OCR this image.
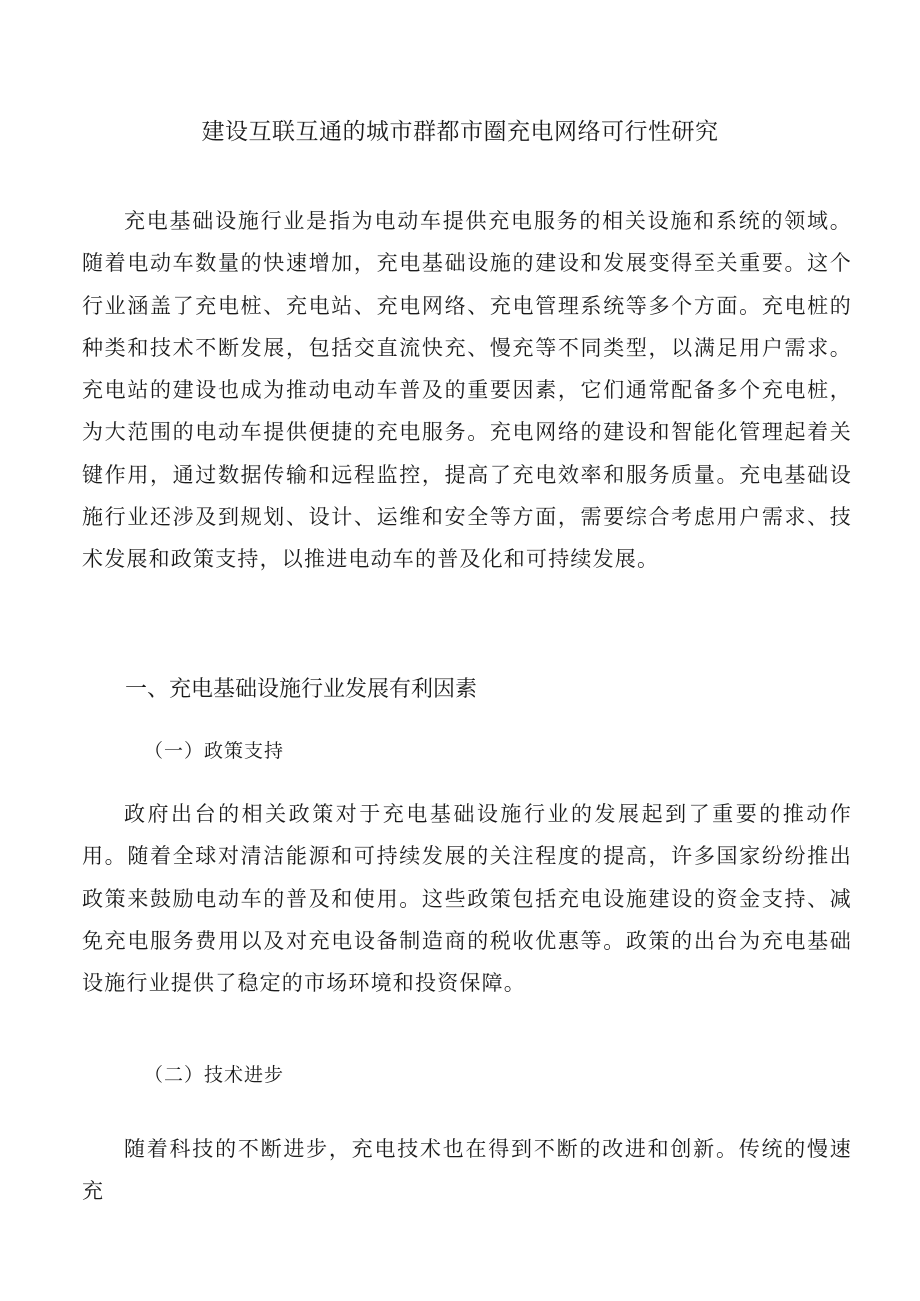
建设互联互通的城市群都市圈充电网络可行性研究

充电基础设施行业是指为电动车提供充电服务的相关设施和系统的领域。随着电动车数量的快速增加，充电基础设施的建设和发展变得至关重要。这个行业涵盖了充电桩、充电站、充电网络、充电管理系统等多个方面。充电桩的种类和技术不断发展，包括交直流快充、慢充等不同类型，以满足用户需求。充电站的建设也成为推动电动车普及的重要因素，它们通常配备多个充电桩，为大范围的电动车提供便捷的充电服务。充电网络的建设和智能化管理起着关键作用，通过数据传输和远程监控，提高了充电效率和服务质量。充电基础设施行业还涉及到规划、设计、运维和安全等方面，需要综合考虑用户需求、技术发展和政策支持，以推进电动车的普及化和可持续发展。

一、充电基础设施行业发展有利因素
（一）政策支持

政府出台的相关政策对于充电基础设施行业的发展起到了重要的推动作用。随着全球对清洁能源和可持续发展的关注程度的提高，许多国家纷纷推出政策来鼓励电动车的普及和使用。这些政策包括充电设施建设的资金支持、减免充电服务费用以及对充电设备制造商的税收优惠等。政策的出台为充电基础设施行业提供了稳定的市场环境和投资保障。

（二）技术进步

随着科技的不断进步，充电技术也在得到不断的改进和创新。传统的慢速充
